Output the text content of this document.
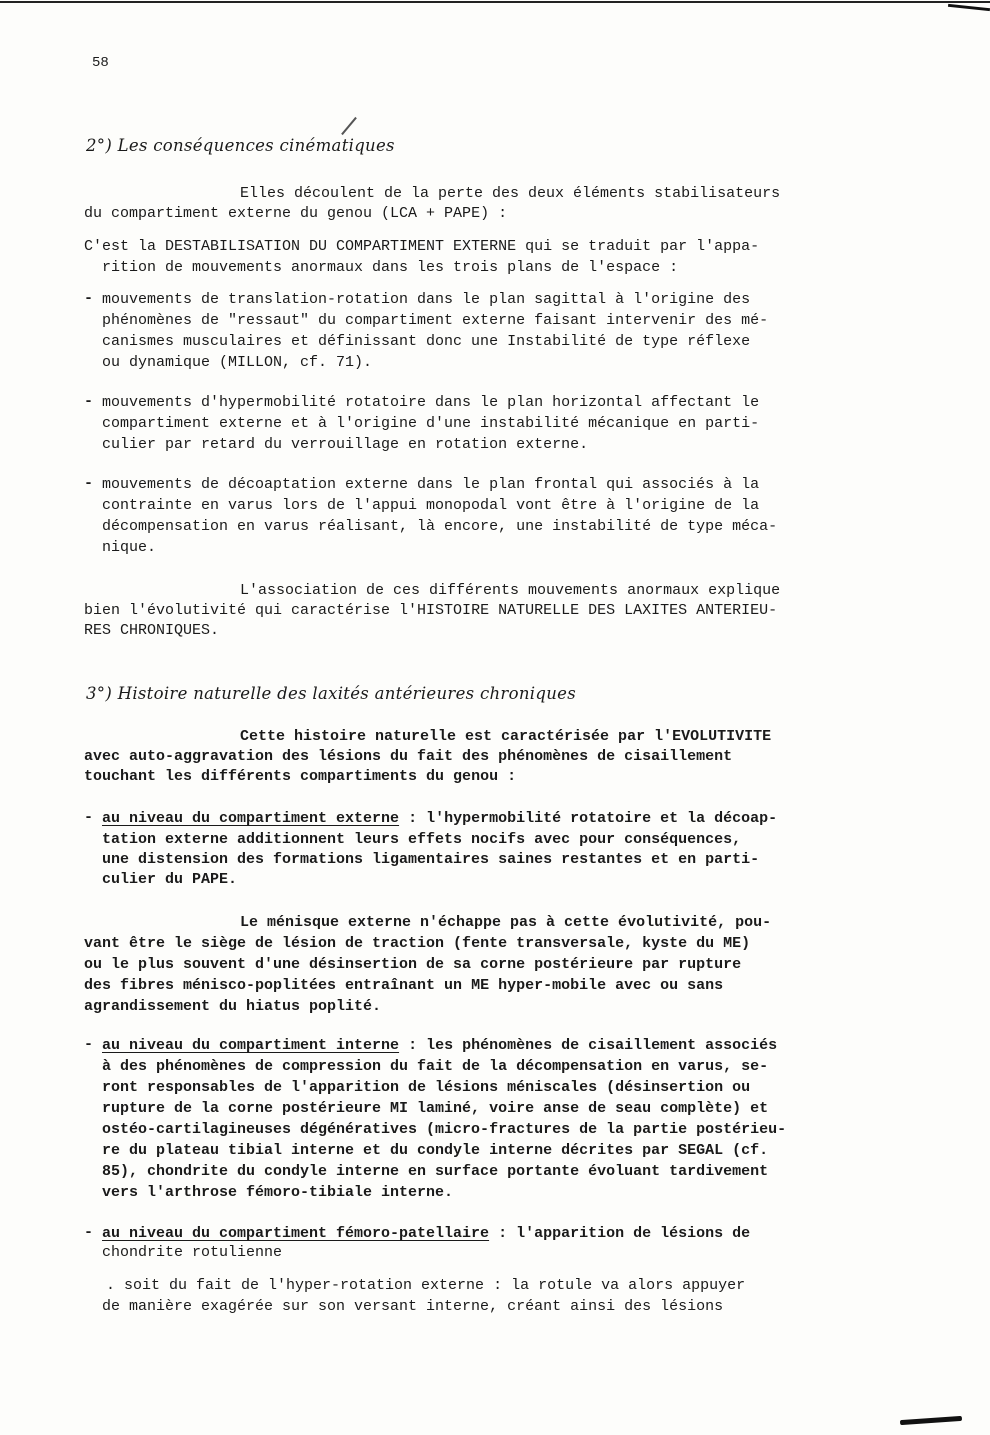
58
2°) Les conséquences cinématiques

Elles découlent de la perte des deux éléments stabilisateurs

du compartiment externe du genou (LCA + PAPE) :

C'est la DESTABILISATION DU COMPARTIMENT EXTERNE qui se traduit par l'appa-

rition de mouvements anormaux dans les trois plans de l'espace :

- mouvements de translation-rotation dans le plan sagittal à l'origine des

phénomènes de "ressaut" du compartiment externe faisant intervenir des mé-

canismes musculaires et définissant donc une Instabilité de type réflexe

ou dynamique (MILLON, cf. 71).

- mouvements d'hypermobilité rotatoire dans le plan horizontal affectant le

compartiment externe et à l'origine d'une instabilité mécanique en parti-

culier par retard du verrouillage en rotation externe.

- mouvements de décoaptation externe dans le plan frontal qui associés à la

contrainte en varus lors de l'appui monopodal vont être à l'origine de la

décompensation en varus réalisant, là encore, une instabilité de type méca-

nique.

L'association de ces différents mouvements anormaux explique

bien l'évolutivité qui caractérise l'HISTOIRE NATURELLE DES LAXITES ANTERIEU-

RES CHRONIQUES.

3°) Histoire naturelle des laxités antérieures chroniques

Cette histoire naturelle est caractérisée par l'EVOLUTIVITE

avec auto-aggravation des lésions du fait des phénomènes de cisaillement

touchant les différents compartiments du genou :

- au niveau du compartiment externe : l'hypermobilité rotatoire et la décoap-

tation externe additionnent leurs effets nocifs avec pour conséquences,

une distension des formations ligamentaires saines restantes et en parti-

culier du PAPE.

Le ménisque externe n'échappe pas à cette évolutivité, pou-

vant être le siège de lésion de traction (fente transversale, kyste du ME)

ou le plus souvent d'une désinsertion de sa corne postérieure par rupture

des fibres ménisco-poplitées entraînant un ME hyper-mobile avec ou sans

agrandissement du hiatus poplité.

- au niveau du compartiment interne : les phénomènes de cisaillement associés

à des phénomènes de compression du fait de la décompensation en varus, se-

ront responsables de l'apparition de lésions méniscales (désinsertion ou

rupture de la corne postérieure MI laminé, voire anse de seau complète) et

ostéo-cartilagineuses dégénératives (micro-fractures de la partie postérieu-

re du plateau tibial interne et du condyle interne décrites par SEGAL (cf.

85), chondrite du condyle interne en surface portante évoluant tardivement

vers l'arthrose fémoro-tibiale interne.

- au niveau du compartiment fémoro-patellaire : l'apparition de lésions de

chondrite rotulienne

. soit du fait de l'hyper-rotation externe : la rotule va alors appuyer

de manière exagérée sur son versant interne, créant ainsi des lésions
